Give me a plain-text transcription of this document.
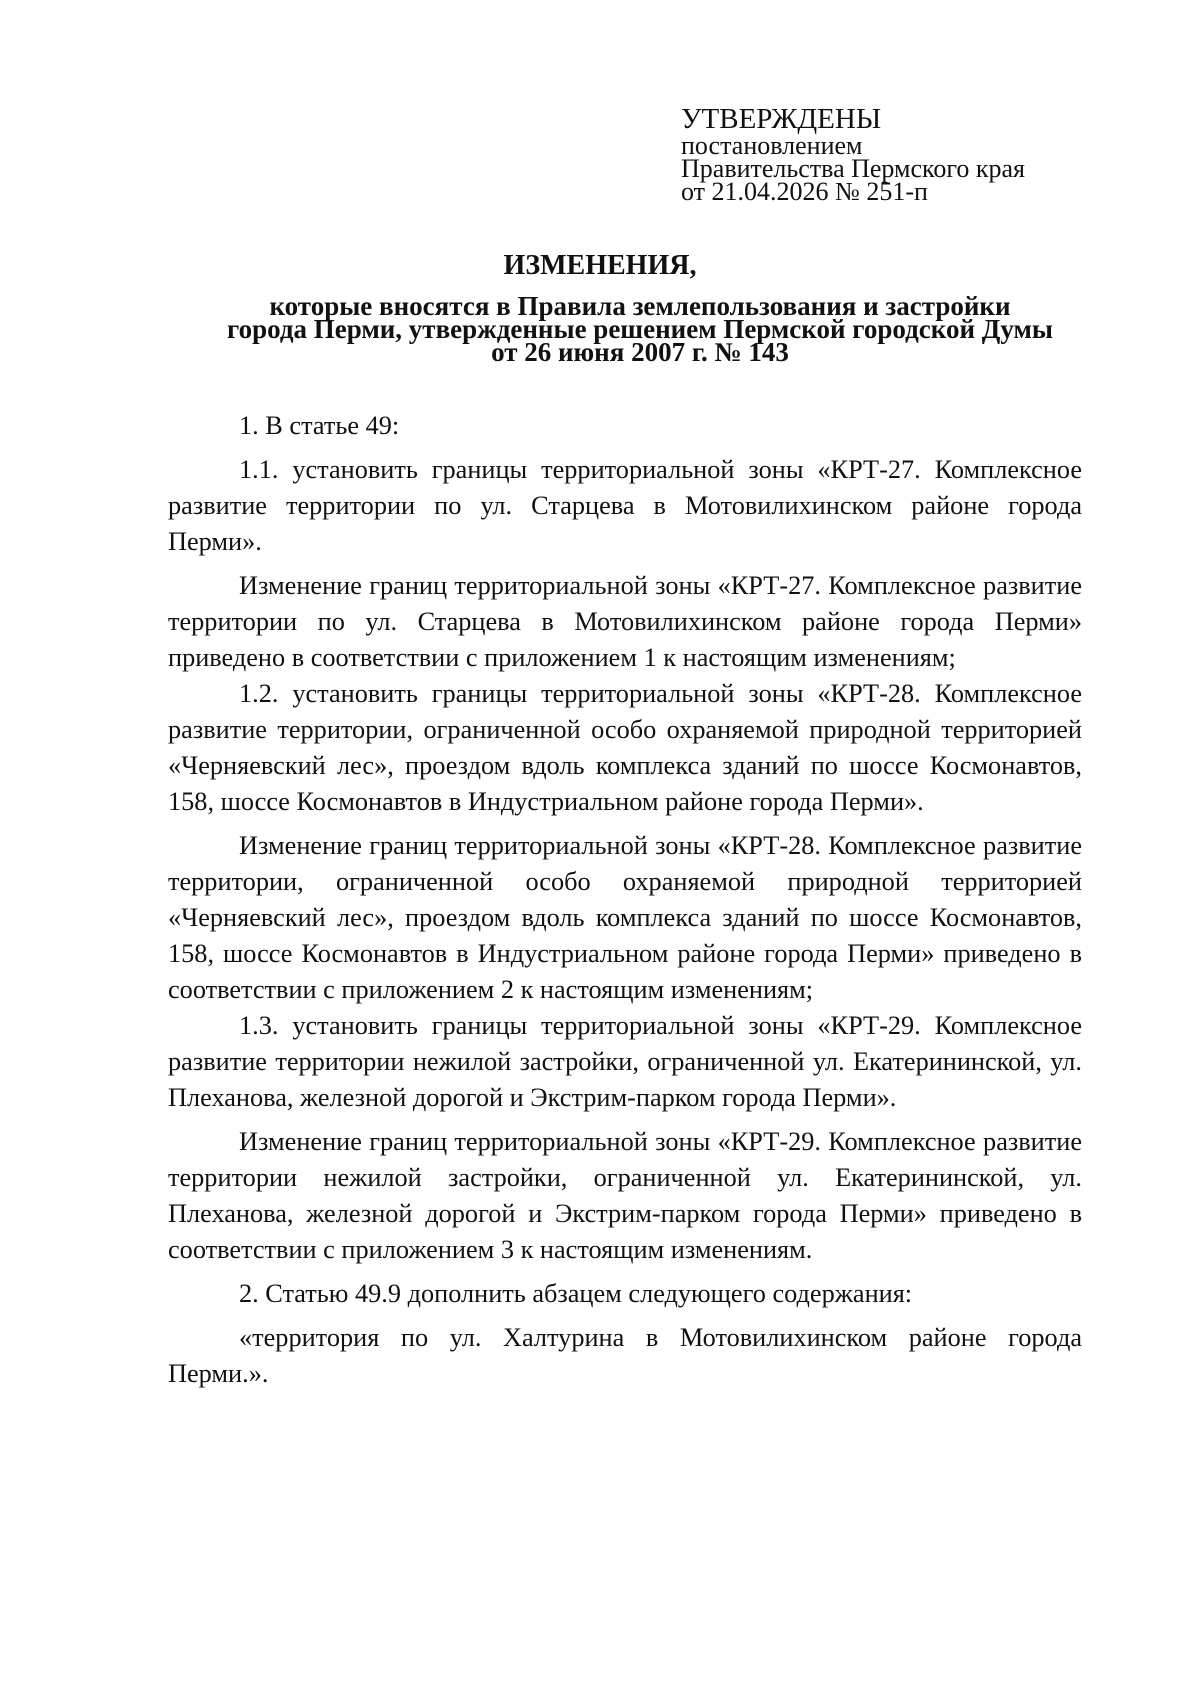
УТВЕРЖДЕНЫ
постановлением
Правительства Пермского края
от 21.04.2026 № 251-п
ИЗМЕНЕНИЯ,
которые вносятся в Правила землепользования и застройки
города Перми, утвержденные решением Пермской городской Думы
от 26 июня 2007 г. № 143

1. В статье 49:

1.1. установить границы территориальной зоны «КРТ-27. Комплексное развитие территории по ул. Старцева в Мотовилихинском районе города Перми».

Изменение границ территориальной зоны «КРТ-27. Комплексное развитие территории по ул. Старцева в Мотовилихинском районе города Перми» приведено в соответствии с приложением 1 к настоящим изменениям;

1.2. установить границы территориальной зоны «КРТ-28. Комплексное развитие территории, ограниченной особо охраняемой природной территорией «Черняевский лес», проездом вдоль комплекса зданий по шоссе Космонавтов, 158, шоссе Космонавтов в Индустриальном районе города Перми».

Изменение границ территориальной зоны «КРТ-28. Комплексное развитие территории, ограниченной особо охраняемой природной территорией «Черняевский лес», проездом вдоль комплекса зданий по шоссе Космонавтов, 158, шоссе Космонавтов в Индустриальном районе города Перми» приведено в соответствии с приложением 2 к настоящим изменениям;

1.3. установить границы территориальной зоны «КРТ-29. Комплексное развитие территории нежилой застройки, ограниченной ул. Екатерининской, ул. Плеханова, железной дорогой и Экстрим-парком города Перми».

Изменение границ территориальной зоны «КРТ-29. Комплексное развитие территории нежилой застройки, ограниченной ул. Екатерининской, ул. Плеханова, железной дорогой и Экстрим-парком города Перми» приведено в соответствии с приложением 3 к настоящим изменениям.

2. Статью 49.9 дополнить абзацем следующего содержания:

«территория по ул. Халтурина в Мотовилихинском районе города Перми.».
